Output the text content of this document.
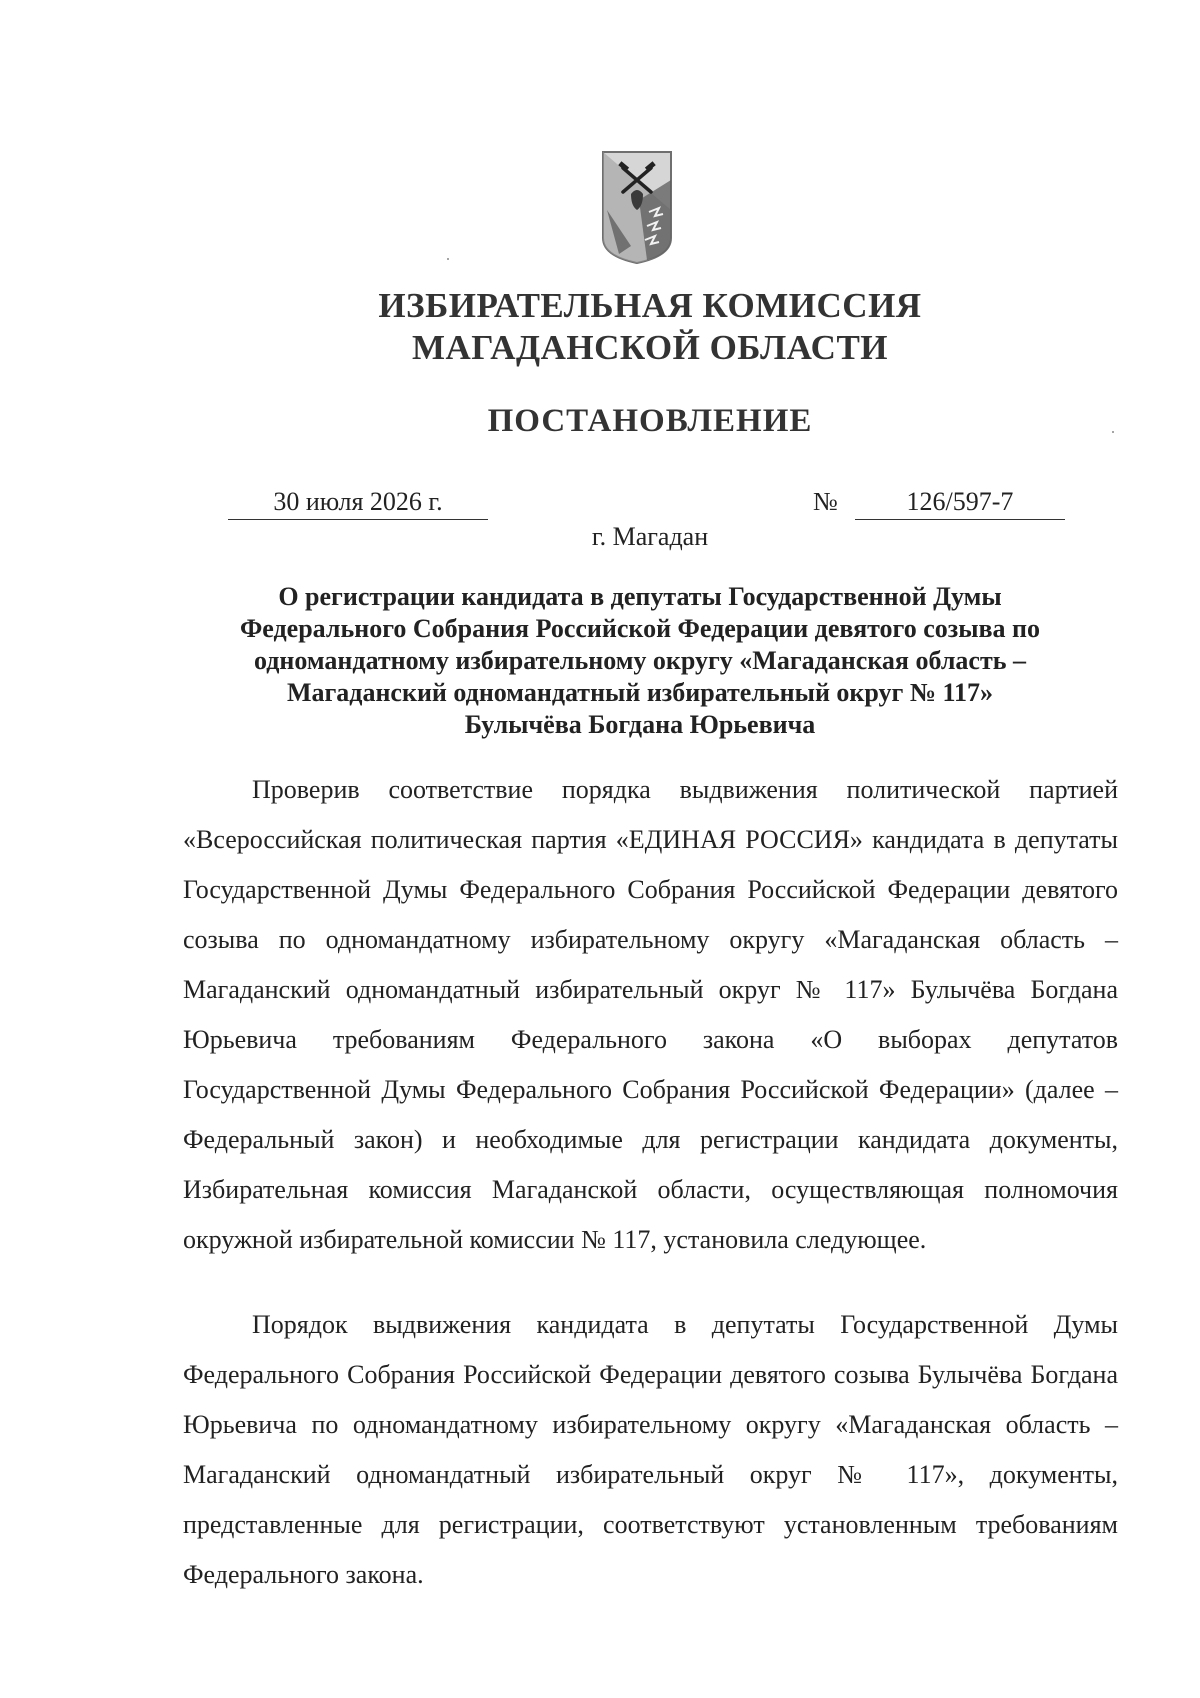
ИЗБИРАТЕЛЬНАЯ КОМИССИЯ
МАГАДАНСКОЙ ОБЛАСТИ
ПОСТАНОВЛЕНИЕ
30 июля 2026 г.	№	126/597-7
г. Магадан
О регистрации кандидата в депутаты Государственной Думы
Федерального Собрания Российской Федерации девятого созыва по
одномандатному избирательному округу «Магаданская область –
Магаданский одномандатный избирательный округ № 117»
Булычёва Богдана Юрьевича

Проверив соответствие порядка выдвижения политической партией «Всероссийская политическая партия «ЕДИНАЯ РОССИЯ» кандидата в депутаты Государственной Думы Федерального Собрания Российской Федерации девятого созыва по одномандатному избирательному округу «Магаданская область – Магаданский одномандатный избирательный округ № 117» Булычёва Богдана Юрьевича требованиям Федерального закона «О выборах депутатов Государственной Думы Федерального Собрания Российской Федерации» (далее – Федеральный закон) и необходимые для регистрации кандидата документы, Избирательная комиссия Магаданской области, осуществляющая полномочия окружной избирательной комиссии № 117, установила следующее.

Порядок выдвижения кандидата в депутаты Государственной Думы Федерального Собрания Российской Федерации девятого созыва Булычёва Богдана Юрьевича по одномандатному избирательному округу «Магаданская область – Магаданский одномандатный избирательный округ № 117», документы, представленные для регистрации, соответствуют установленным требованиям Федерального закона.
